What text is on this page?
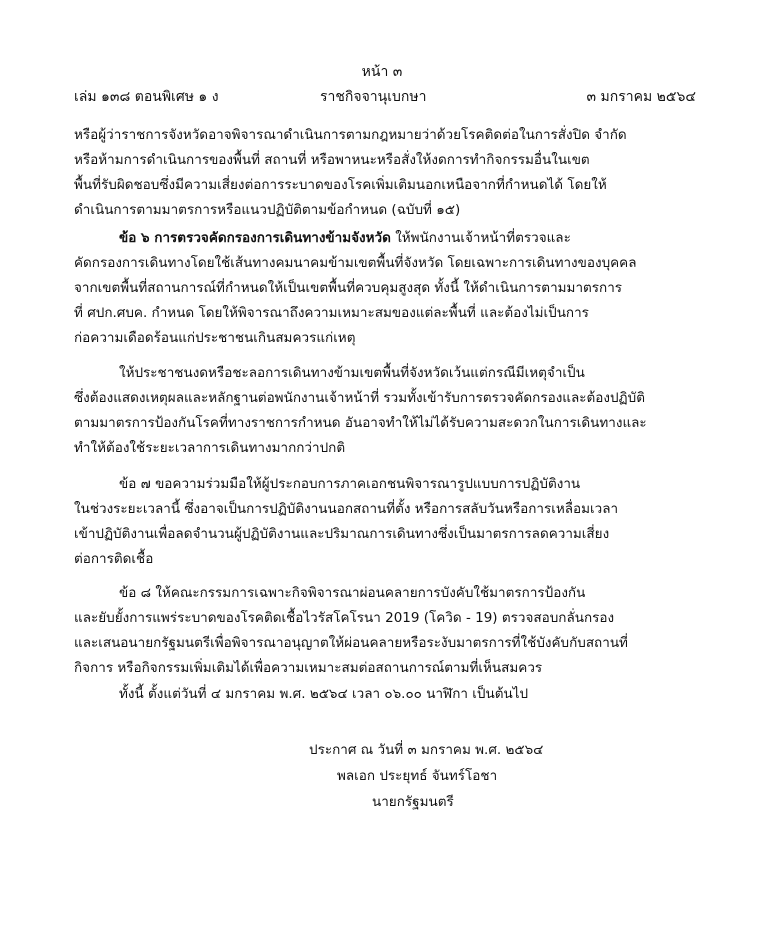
หน้า ๓
เล่ม ๑๓๘ ตอนพิเศษ ๑ ง	ราชกิจจานุเบกษา	๓ มกราคม ๒๕๖๔
หรือผู้ว่าราชการจังหวัดอาจพิจารณาดำเนินการตามกฎหมายว่าด้วยโรคติดต่อในการสั่งปิด จำกัด
หรือห้ามการดำเนินการของพื้นที่ สถานที่ หรือพาหนะหรือสั่งให้งดการทำกิจกรรมอื่นในเขต
พื้นที่รับผิดชอบซึ่งมีความเสี่ยงต่อการระบาดของโรคเพิ่มเติมนอกเหนือจากที่กำหนดได้ โดยให้
ดำเนินการตามมาตรการหรือแนวปฏิบัติตามข้อกำหนด (ฉบับที่ ๑๕)
ข้อ ๖ การตรวจคัดกรองการเดินทางข้ามจังหวัด ให้พนักงานเจ้าหน้าที่ตรวจและ
คัดกรองการเดินทางโดยใช้เส้นทางคมนาคมข้ามเขตพื้นที่จังหวัด โดยเฉพาะการเดินทางของบุคคล
จากเขตพื้นที่สถานการณ์ที่กำหนดให้เป็นเขตพื้นที่ควบคุมสูงสุด ทั้งนี้ ให้ดำเนินการตามมาตรการ
ที่ ศปก.ศบค. กำหนด โดยให้พิจารณาถึงความเหมาะสมของแต่ละพื้นที่ และต้องไม่เป็นการ
ก่อความเดือดร้อนแก่ประชาชนเกินสมควรแก่เหตุ
ให้ประชาชนงดหรือชะลอการเดินทางข้ามเขตพื้นที่จังหวัดเว้นแต่กรณีมีเหตุจำเป็น
ซึ่งต้องแสดงเหตุผลและหลักฐานต่อพนักงานเจ้าหน้าที่ รวมทั้งเข้ารับการตรวจคัดกรองและต้องปฏิบัติ
ตามมาตรการป้องกันโรคที่ทางราชการกำหนด อันอาจทำให้ไม่ได้รับความสะดวกในการเดินทางและ
ทำให้ต้องใช้ระยะเวลาการเดินทางมากกว่าปกติ
ข้อ ๗ ขอความร่วมมือให้ผู้ประกอบการภาคเอกชนพิจารณารูปแบบการปฏิบัติงาน
ในช่วงระยะเวลานี้ ซึ่งอาจเป็นการปฏิบัติงานนอกสถานที่ตั้ง หรือการสลับวันหรือการเหลื่อมเวลา
เข้าปฏิบัติงานเพื่อลดจำนวนผู้ปฏิบัติงานและปริมาณการเดินทางซึ่งเป็นมาตรการลดความเสี่ยง
ต่อการติดเชื้อ
ข้อ ๘ ให้คณะกรรมการเฉพาะกิจพิจารณาผ่อนคลายการบังคับใช้มาตรการป้องกัน
และยับยั้งการแพร่ระบาดของโรคติดเชื้อไวรัสโคโรนา 2019 (โควิด - 19) ตรวจสอบกลั่นกรอง
และเสนอนายกรัฐมนตรีเพื่อพิจารณาอนุญาตให้ผ่อนคลายหรือระงับมาตรการที่ใช้บังคับกับสถานที่
กิจการ หรือกิจกรรมเพิ่มเติมได้เพื่อความเหมาะสมต่อสถานการณ์ตามที่เห็นสมควร
ทั้งนี้ ตั้งแต่วันที่ ๔ มกราคม พ.ศ. ๒๕๖๔ เวลา ๐๖.๐๐ นาฬิกา เป็นต้นไป
ประกาศ ณ วันที่ ๓ มกราคม พ.ศ. ๒๕๖๔
พลเอก ประยุทธ์ จันทร์โอชา
นายกรัฐมนตรี
